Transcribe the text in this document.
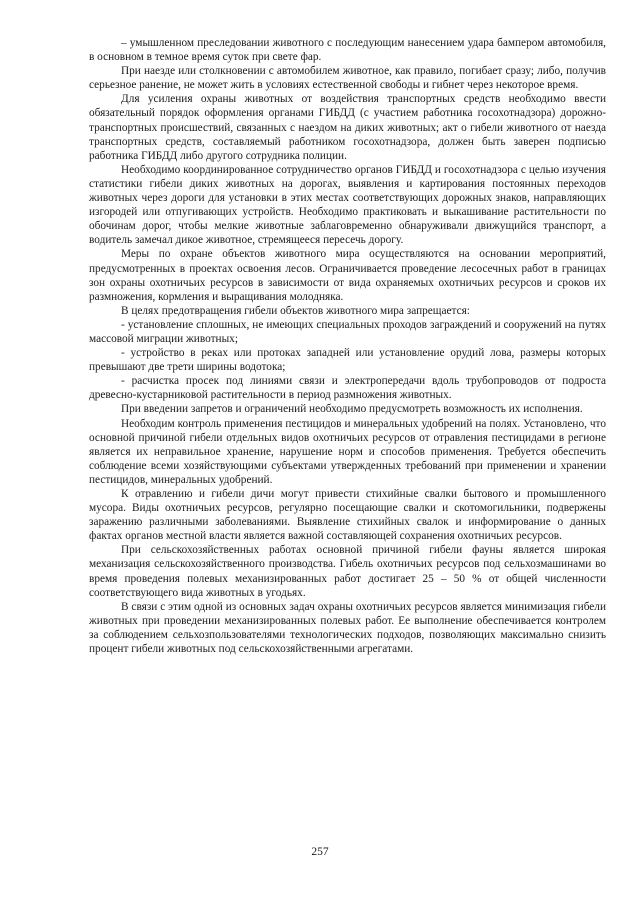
– умышленном преследовании животного с последующим нанесением удара бампером автомобиля, в основном в темное время суток при свете фар.

При наезде или столкновении с автомобилем животное, как правило, погибает сразу; либо, получив серьезное ранение, не может жить в условиях естественной свободы и гибнет через некоторое время.

Для усиления охраны животных от воздействия транспортных средств необходимо ввести обязательный порядок оформления органами ГИБДД (с участием работника госохотнадзора) дорожно-транспортных происшествий, связанных с наездом на диких животных; акт о гибели животного от наезда транспортных средств, составляемый работником госохотнадзора, должен быть заверен подписью работника ГИБДД либо другого сотрудника полиции.

Необходимо координированное сотрудничество органов ГИБДД и госохотнадзора с целью изучения статистики гибели диких животных на дорогах, выявления и картирования постоянных переходов животных через дороги для установки в этих местах соответствующих дорожных знаков, направляющих изгородей или отпугивающих устройств. Необходимо практиковать и выкашивание растительности по обочинам дорог, чтобы мелкие животные заблаговременно обнаруживали движущийся транспорт, а водитель замечал дикое животное, стремящееся пересечь дорогу.

Меры по охране объектов животного мира осуществляются на основании мероприятий, предусмотренных в проектах освоения лесов. Ограничивается проведение лесосечных работ в границах зон охраны охотничьих ресурсов в зависимости от вида охраняемых охотничьих ресурсов и сроков их размножения, кормления и выращивания молодняка.

В целях предотвращения гибели объектов животного мира запрещается:

- установление сплошных, не имеющих специальных проходов заграждений и сооружений на путях массовой миграции животных;

- устройство в реках или протоках западней или установление орудий лова, размеры которых превышают две трети ширины водотока;

- расчистка просек под линиями связи и электропередачи вдоль трубопроводов от подроста древесно-кустарниковой растительности в период размножения животных.

При введении запретов и ограничений необходимо предусмотреть возможность их исполнения.

Необходим контроль применения пестицидов и минеральных удобрений на полях. Установлено, что основной причиной гибели отдельных видов охотничьих ресурсов от отравления пестицидами в регионе является их неправильное хранение, нарушение норм и способов применения. Требуется обеспечить соблюдение всеми хозяйствующими субъектами утвержденных требований при применении и хранении пестицидов, минеральных удобрений.

К отравлению и гибели дичи могут привести стихийные свалки бытового и промышленного мусора. Виды охотничьих ресурсов, регулярно посещающие свалки и скотомогильники, подвержены заражению различными заболеваниями. Выявление стихийных свалок и информирование о данных фактах органов местной власти является важной составляющей сохранения охотничьих ресурсов.

При сельскохозяйственных работах основной причиной гибели фауны является широкая механизация сельскохозяйственного производства. Гибель охотничьих ресурсов под сельхозмашинами во время проведения полевых механизированных работ достигает 25 – 50 % от общей численности соответствующего вида животных в угодьях.

В связи с этим одной из основных задач охраны охотничьих ресурсов является минимизация гибели животных при проведении механизированных полевых работ. Ее выполнение обеспечивается контролем за соблюдением сельхозпользователями технологических подходов, позволяющих максимально снизить процент гибели животных под сельскохозяйственными агрегатами.

257
